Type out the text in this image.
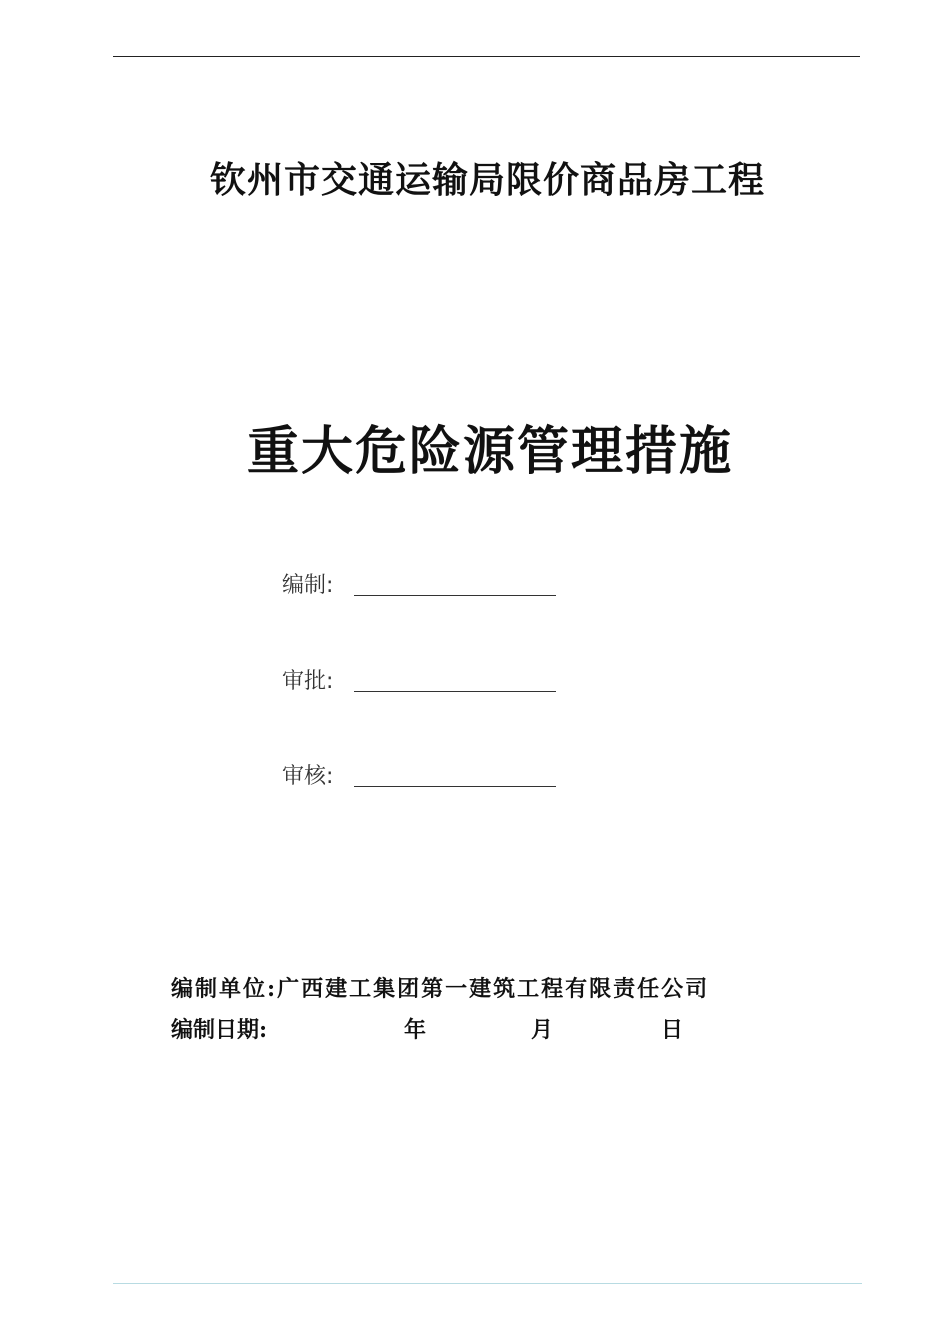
钦州市交通运输局限价商品房工程
重大危险源管理措施
编制:
审批:
审核:
编制单位:广西建工集团第一建筑工程有限责任公司
编制日期:	年	月	日
